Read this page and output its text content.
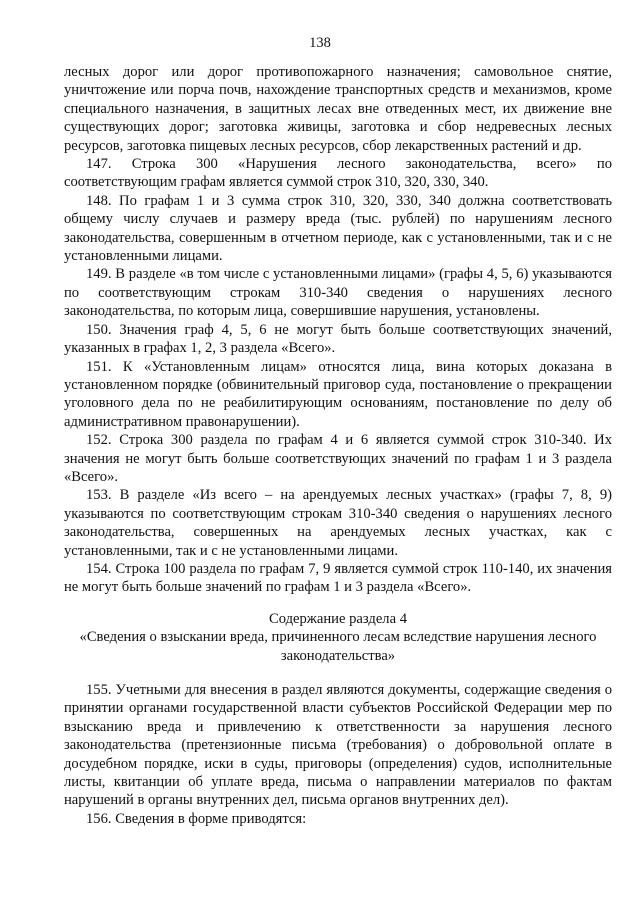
138

лесных дорог или дорог противопожарного назначения; самовольное снятие, уничтожение или порча почв, нахождение транспортных средств и механизмов, кроме специального назначения, в защитных лесах вне отведенных мест, их движение вне существующих дорог; заготовка живицы, заготовка и сбор недревесных лесных ресурсов, заготовка пищевых лесных ресурсов, сбор лекарственных растений и др.

147. Строка 300 «Нарушения лесного законодательства, всего» по соответствующим графам является суммой строк 310, 320, 330, 340.

148. По графам 1 и 3 сумма строк 310, 320, 330, 340 должна соответствовать общему числу случаев и размеру вреда (тыс. рублей) по нарушениям лесного законодательства, совершенным в отчетном периоде, как с установленными, так и с не установленными лицами.

149. В разделе «в том числе с установленными лицами» (графы 4, 5, 6) указываются по соответствующим строкам 310-340 сведения о нарушениях лесного законодательства, по которым лица, совершившие нарушения, установлены.

150. Значения граф 4, 5, 6 не могут быть больше соответствующих значений, указанных в графах 1, 2, 3 раздела «Всего».

151. К «Установленным лицам» относятся лица, вина которых доказана в установленном порядке (обвинительный приговор суда, постановление о прекращении уголовного дела по не реабилитирующим основаниям, постановление по делу об административном правонарушении).

152. Строка 300 раздела по графам 4 и 6 является суммой строк 310-340. Их значения не могут быть больше соответствующих значений по графам 1 и 3 раздела «Всего».

153. В разделе «Из всего – на арендуемых лесных участках» (графы 7, 8, 9) указываются по соответствующим строкам 310-340 сведения о нарушениях лесного законодательства, совершенных на арендуемых лесных участках, как с установленными, так и с не установленными лицами.

154. Строка 100 раздела по графам 7, 9 является суммой строк 110-140, их значения не могут быть больше значений по графам 1 и 3 раздела «Всего».

Содержание раздела 4

«Сведения о взыскании вреда, причиненного лесам вследствие нарушения лесного законодательства»

155. Учетными для внесения в раздел являются документы, содержащие сведения о принятии органами государственной власти субъектов Российской Федерации мер по взысканию вреда и привлечению к ответственности за нарушения лесного законодательства (претензионные письма (требования) о добровольной оплате в досудебном порядке, иски в суды, приговоры (определения) судов, исполнительные листы, квитанции об уплате вреда, письма о направлении материалов по фактам нарушений в органы внутренних дел, письма органов внутренних дел).

156. Сведения в форме приводятся:
